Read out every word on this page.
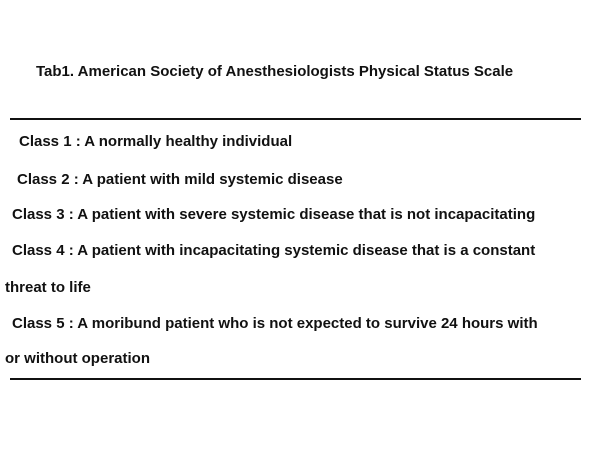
Tab1. American Society of Anesthesiologists Physical Status Scale
Class 1 : A normally healthy individual
Class 2 : A patient with mild systemic disease
Class 3 : A patient with severe systemic disease that is not incapacitating
Class 4 : A patient with incapacitating systemic disease that is a constant
threat to life
Class 5 : A moribund patient who is not expected to survive 24 hours with
or without operation
